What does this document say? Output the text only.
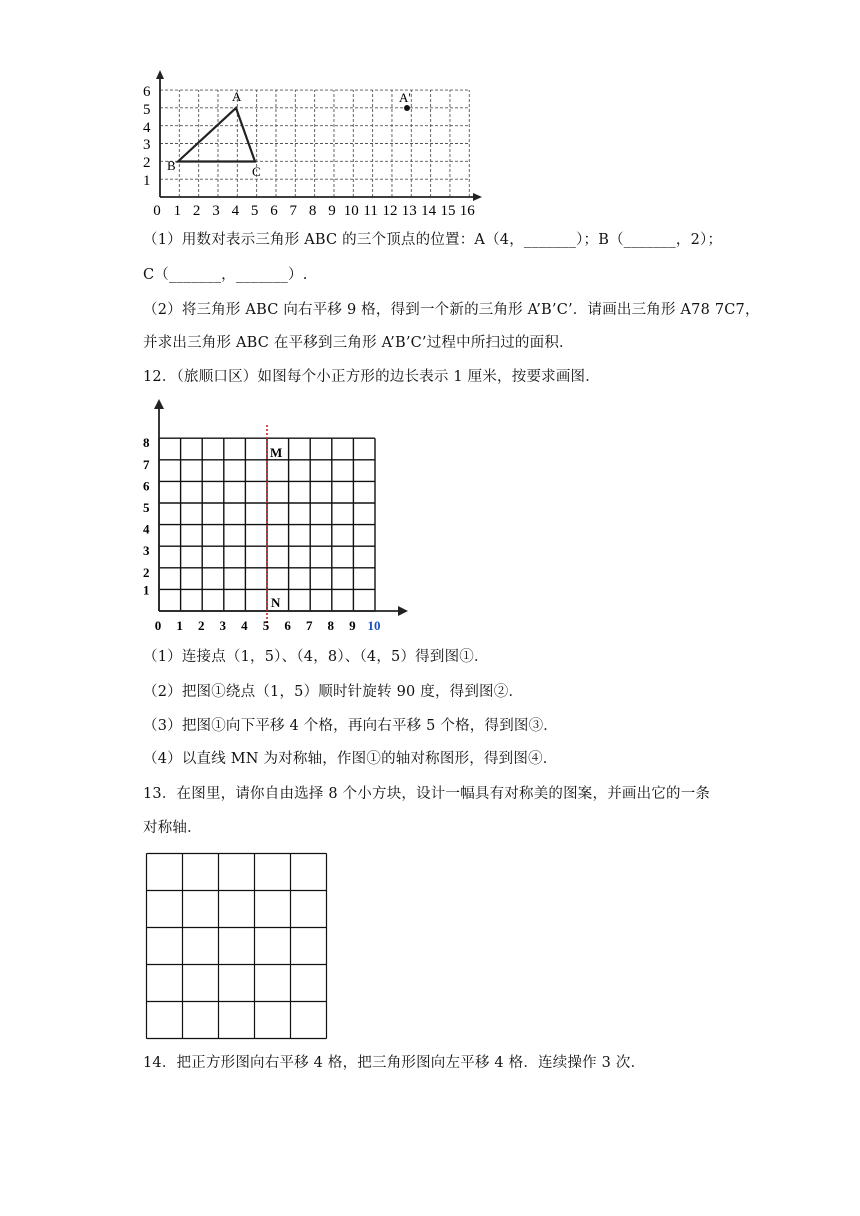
A
B	C
A'
1
2
3
4
5
6
0 1 2 3 4 5 6 7 8 9 10 11 12 13 14 15 16
（1）用数对表示三角形 ABC 的三个顶点的位置：A（4，_______）；B（_______，2）；
C（_______，_______）.
（2）将三角形 ABC 向右平移 9 格，得到一个新的三角形 A’B’C’．请画出三角形 A78 7C7，
并求出三角形 ABC 在平移到三角形 A’B’C’过程中所扫过的面积．
12．（旅顺口区）如图每个小正方形的边长表示 1 厘米，按要求画图．
M
N
1
2
3
4
5
6
7
8
0 1 2 3 4 5 6 7 8 9 10
（1）连接点（1，5）、（4，8）、（4，5）得到图①．
（2）把图①绕点（1，5）顺时针旋转 90 度，得到图②．
（3）把图①向下平移 4 个格，再向右平移 5 个格，得到图③．
（4）以直线 MN 为对称轴，作图①的轴对称图形，得到图④．
13．在图里，请你自由选择 8 个小方块，设计一幅具有对称美的图案，并画出它的一条
对称轴．
14．把正方形图向右平移 4 格，把三角形图向左平移 4 格．连续操作 3 次．
